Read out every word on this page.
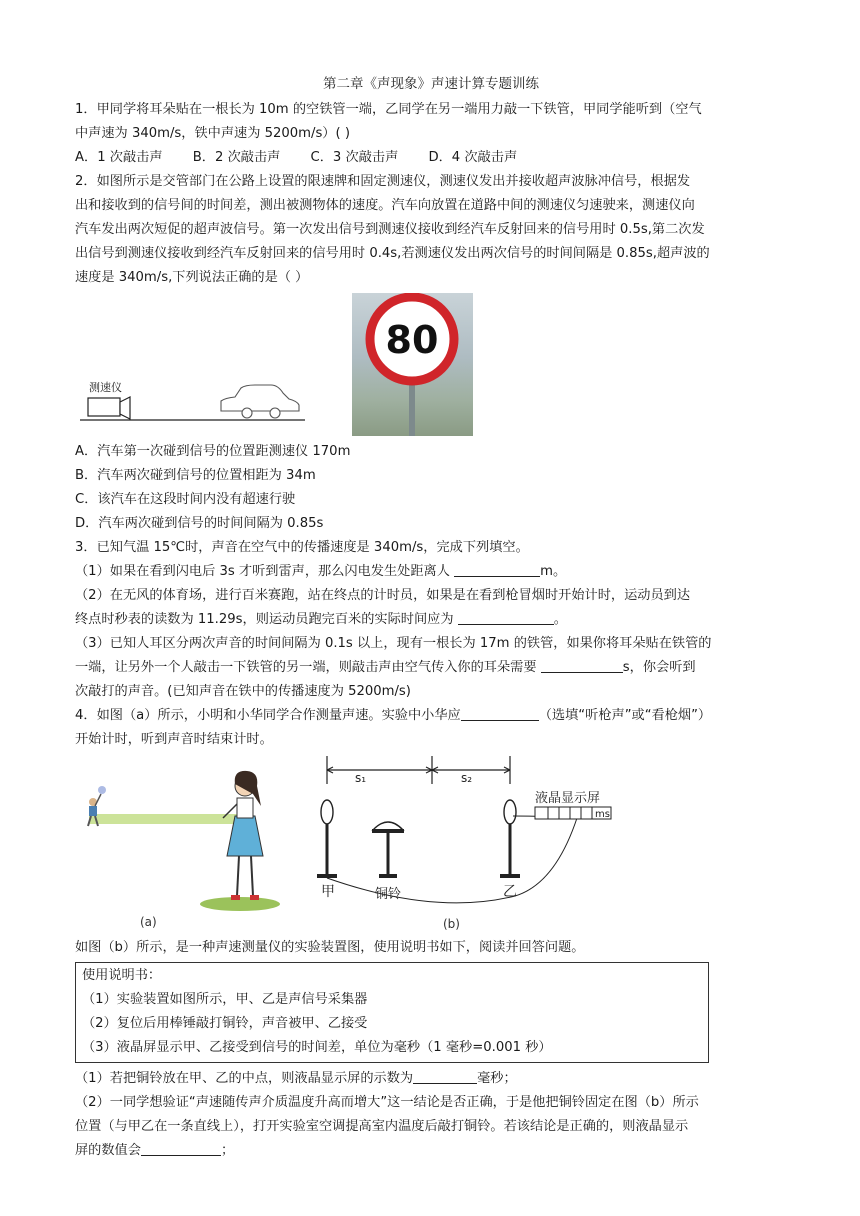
第二章《声现象》声速计算专题训练

1．甲同学将耳朵贴在一根长为 10m 的空铁管一端，乙同学在另一端用力敲一下铁管，甲同学能听到（空气

中声速为 340m/s，铁中声速为 5200m/s）( )

A．1 次敲击声 B．2 次敲击声 C．3 次敲击声 D．4 次敲击声

2．如图所示是交管部门在公路上设置的限速牌和固定测速仪，测速仪发出并接收超声波脉冲信号，根据发

出和接收到的信号间的时间差，测出被测物体的速度。汽车向放置在道路中间的测速仪匀速驶来，测速仪向

汽车发出两次短促的超声波信号。第一次发出信号到测速仪接收到经汽车反射回来的信号用时 0.5s,第二次发

出信号到测速仪接收到经汽车反射回来的信号用时 0.4s,若测速仪发出两次信号的时间间隔是 0.85s,超声波的

速度是 340m/s,下列说法正确的是（ ）

测速仪
80

A．汽车第一次碰到信号的位置距测速仪 170m

B．汽车两次碰到信号的位置相距为 34m

C．该汽车在这段时间内没有超速行驶

D．汽车两次碰到信号的时间间隔为 0.85s

3．已知气温 15℃时，声音在空气中的传播速度是 340m/s，完成下列填空。

（1）如果在看到闪电后 3s 才听到雷声，那么闪电发生处距离人	m。

（2）在无风的体育场，进行百米赛跑，站在终点的计时员，如果是在看到枪冒烟时开始计时，运动员到达

终点时秒表的读数为 11.29s，则运动员跑完百米的实际时间应为	。

（3）已知人耳区分两次声音的时间间隔为 0.1s 以上，现有一根长为 17m 的铁管，如果你将耳朵贴在铁管的

一端，让另外一个人敲击一下铁管的另一端，则敲击声由空气传入你的耳朵需要	s，你会听到

次敲打的声音。(已知声音在铁中的传播速度为 5200m/s)

4．如图（a）所示，小明和小华同学合作测量声速。实验中小华应	（选填“听枪声”或“看枪烟”）

开始计时，听到声音时结束计时。

(a)
s₁	s₂
甲	铜铃	乙
液晶显示屏
ms
(b)

如图（b）所示，是一种声速测量仪的实验装置图，使用说明书如下，阅读并回答问题。

使用说明书：

（1）实验装置如图所示，甲、乙是声信号采集器

（2）复位后用棒锤敲打铜铃，声音被甲、乙接受

（3）液晶屏显示甲、乙接受到信号的时间差，单位为毫秒（1 毫秒=0.001 秒）

（1）若把铜铃放在甲、乙的中点，则液晶显示屏的示数为	毫秒；

（2）一同学想验证“声速随传声介质温度升高而增大”这一结论是否正确，于是他把铜铃固定在图（b）所示

位置（与甲乙在一条直线上），打开实验室空调提高室内温度后敲打铜铃。若该结论是正确的，则液晶显示

屏的数值会	；
